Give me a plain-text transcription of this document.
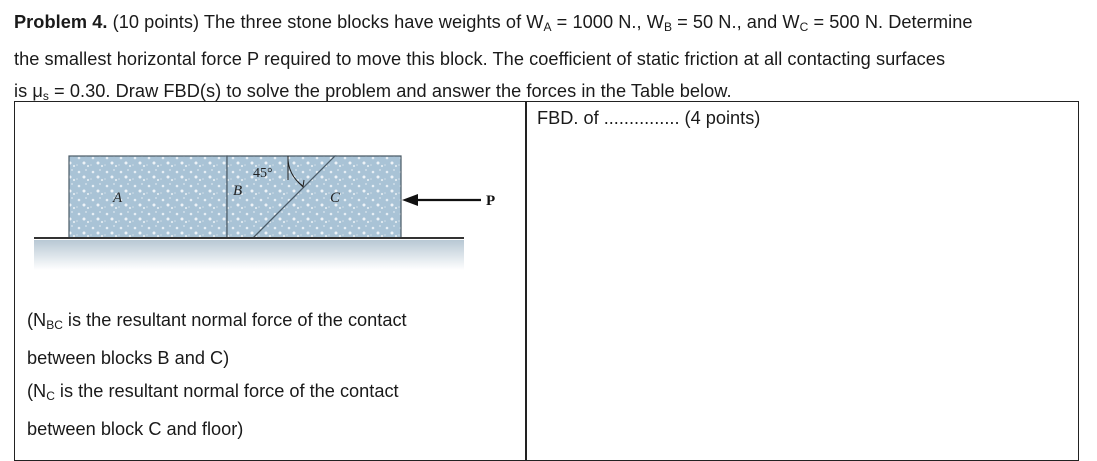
Problem 4. (10 points) The three stone blocks have weights of $W_A = 1000$ N., $W_B = 50$ N., and $W_C = 500$ N. Determine
the smallest horizontal force P required to move this block. The coefficient of static friction at all contacting surfaces
is $\mu_s = 0.30$. Draw FBD(s) to solve the problem and answer the forces in the Table below.
FBD. of ............... (4 points)
A	B	C
45°
P
($N_{BC}$ is the resultant normal force of the contact
between blocks B and C)
($N_C$ is the resultant normal force of the contact
between block C and floor)
